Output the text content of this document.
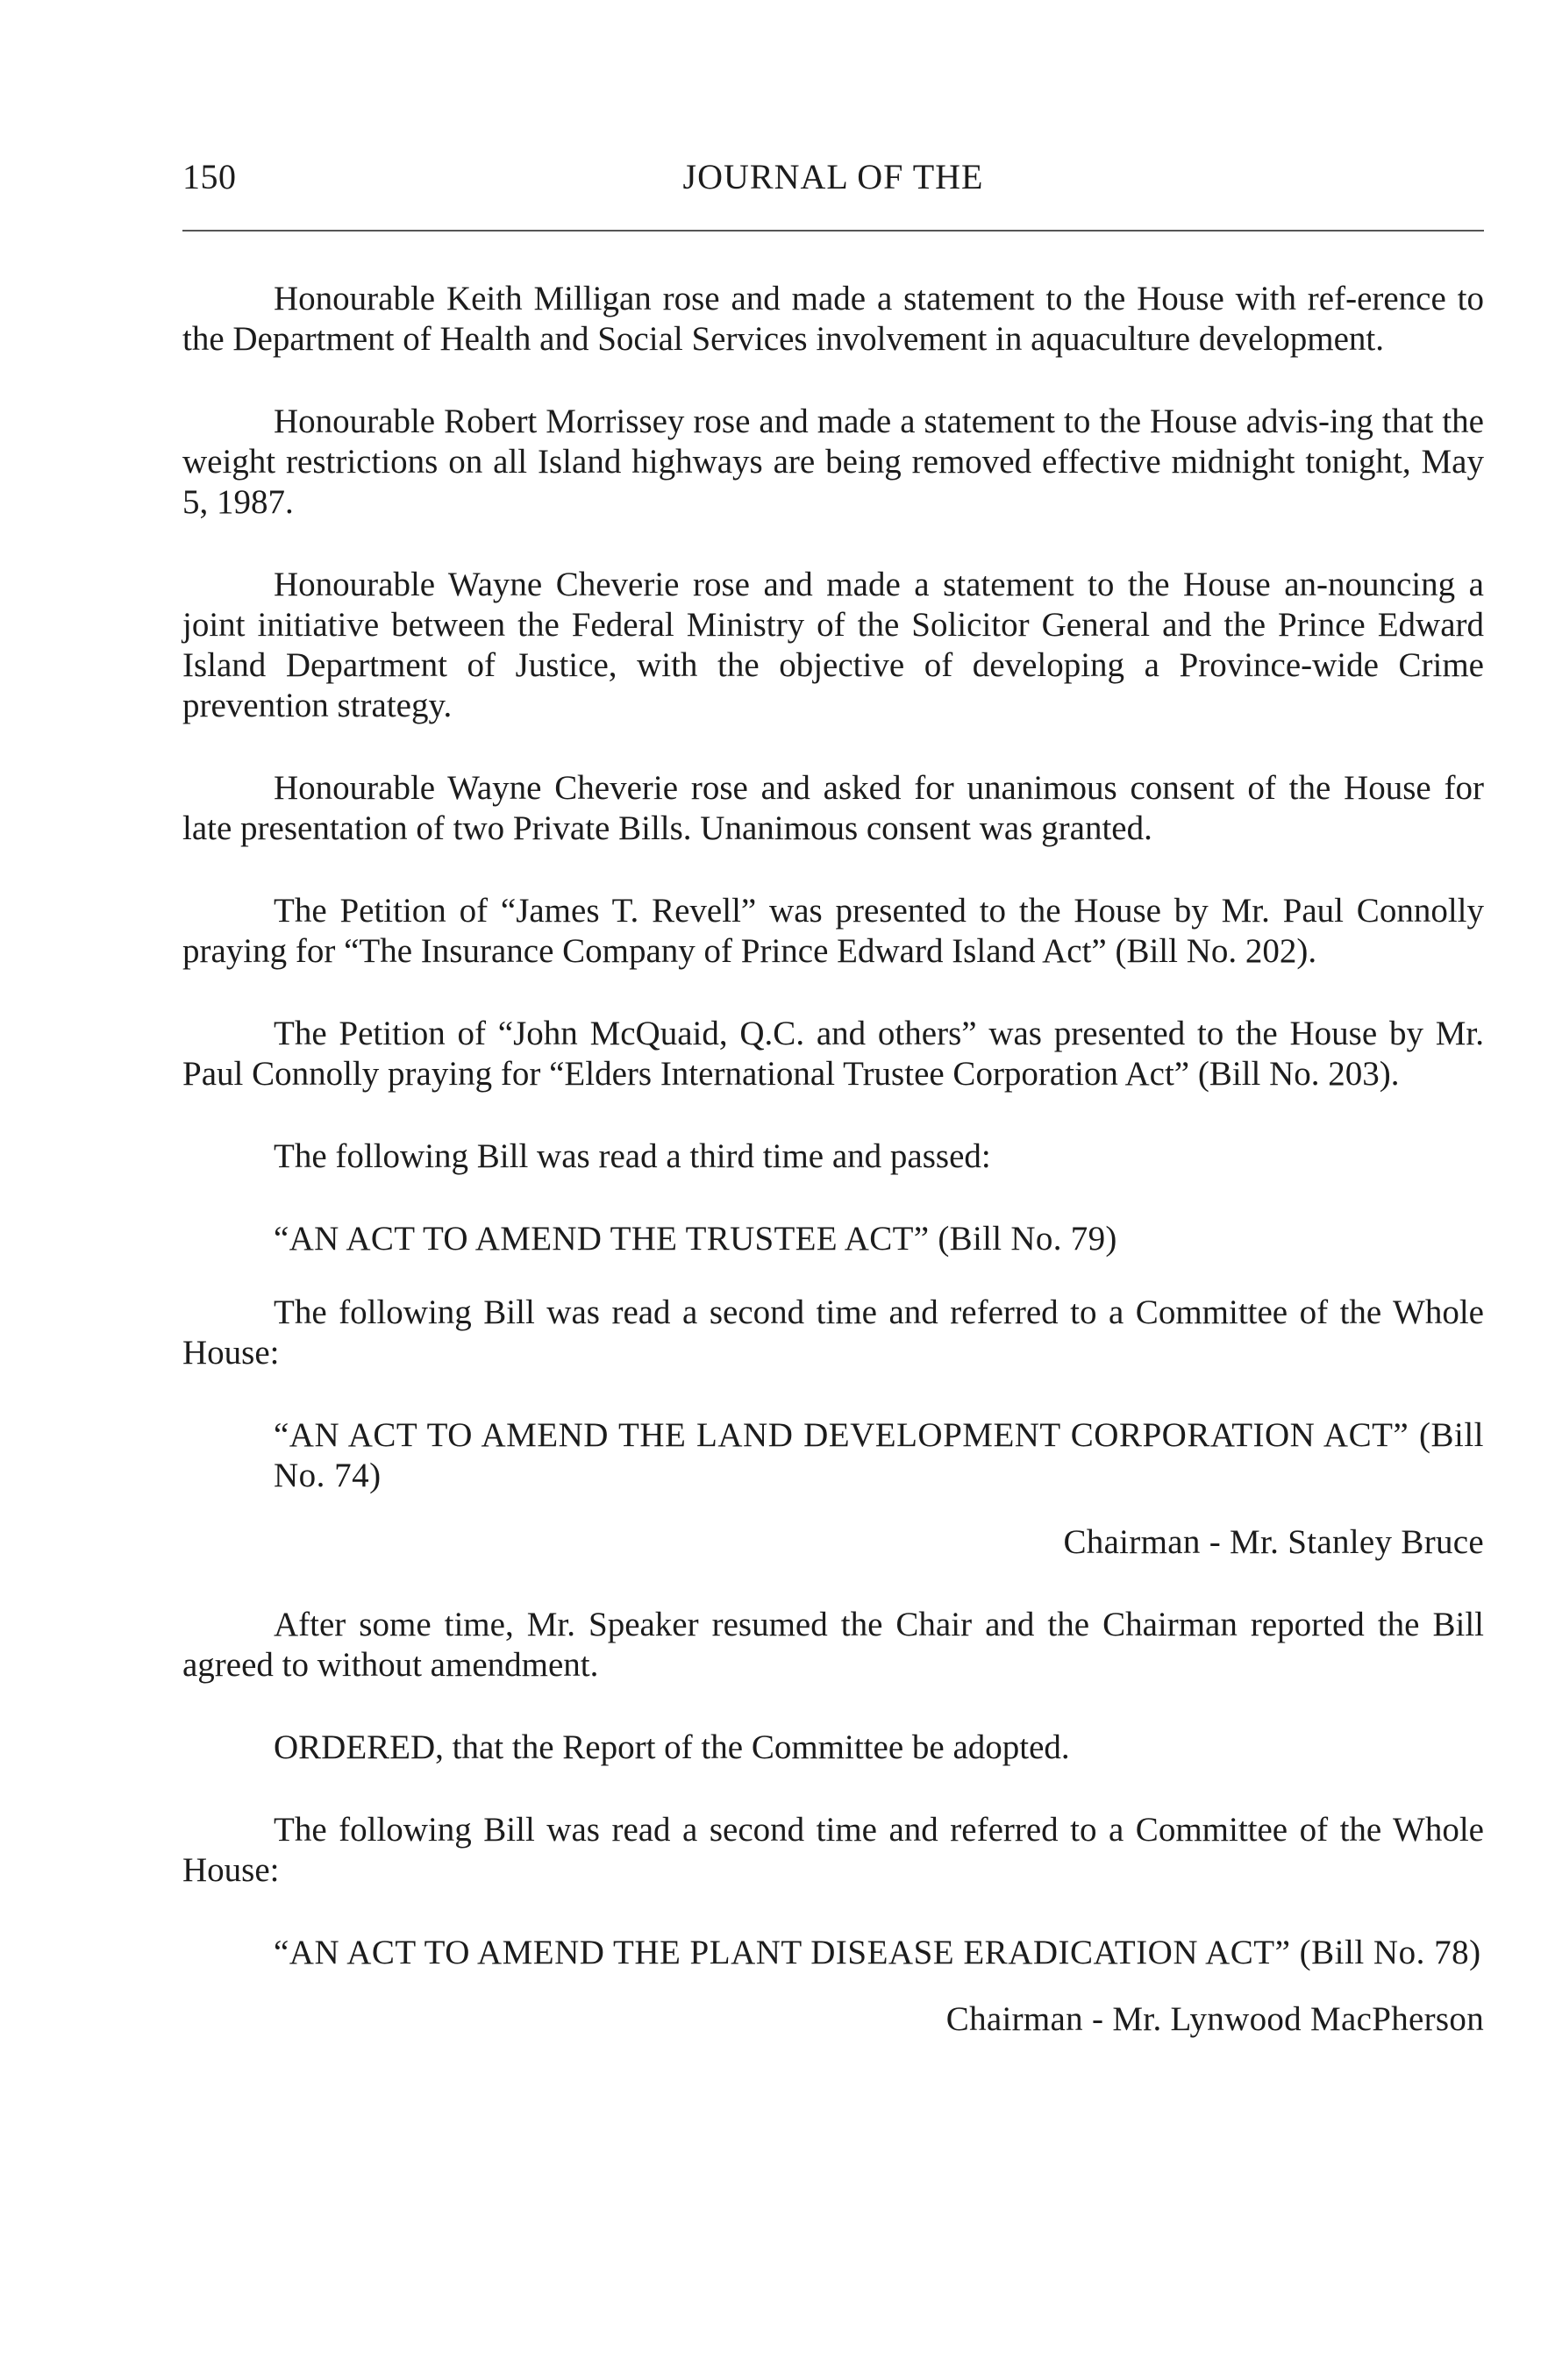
150	JOURNAL OF THE

Honourable Keith Milligan rose and made a statement to the House with ref-erence to the Department of Health and Social Services involvement in aquaculture development.

Honourable Robert Morrissey rose and made a statement to the House advis-ing that the weight restrictions on all Island highways are being removed effective midnight tonight, May 5, 1987.

Honourable Wayne Cheverie rose and made a statement to the House an-nouncing a joint initiative between the Federal Ministry of the Solicitor General and the Prince Edward Island Department of Justice, with the objective of developing a Province-wide Crime prevention strategy.

Honourable Wayne Cheverie rose and asked for unanimous consent of the House for late presentation of two Private Bills. Unanimous consent was granted.

The Petition of “James T. Revell” was presented to the House by Mr. Paul Connolly praying for “The Insurance Company of Prince Edward Island Act” (Bill No. 202).

The Petition of “John McQuaid, Q.C. and others” was presented to the House by Mr. Paul Connolly praying for “Elders International Trustee Corporation Act” (Bill No. 203).

The following Bill was read a third time and passed:

“AN ACT TO AMEND THE TRUSTEE ACT” (Bill No. 79)

The following Bill was read a second time and referred to a Committee of the Whole House:

“AN ACT TO AMEND THE LAND DEVELOPMENT CORPORATION ACT” (Bill No. 74)

Chairman - Mr. Stanley Bruce

After some time, Mr. Speaker resumed the Chair and the Chairman reported the Bill agreed to without amendment.

ORDERED, that the Report of the Committee be adopted.

The following Bill was read a second time and referred to a Committee of the Whole House:

“AN ACT TO AMEND THE PLANT DISEASE ERADICATION ACT” (Bill No. 78)

Chairman - Mr. Lynwood MacPherson
